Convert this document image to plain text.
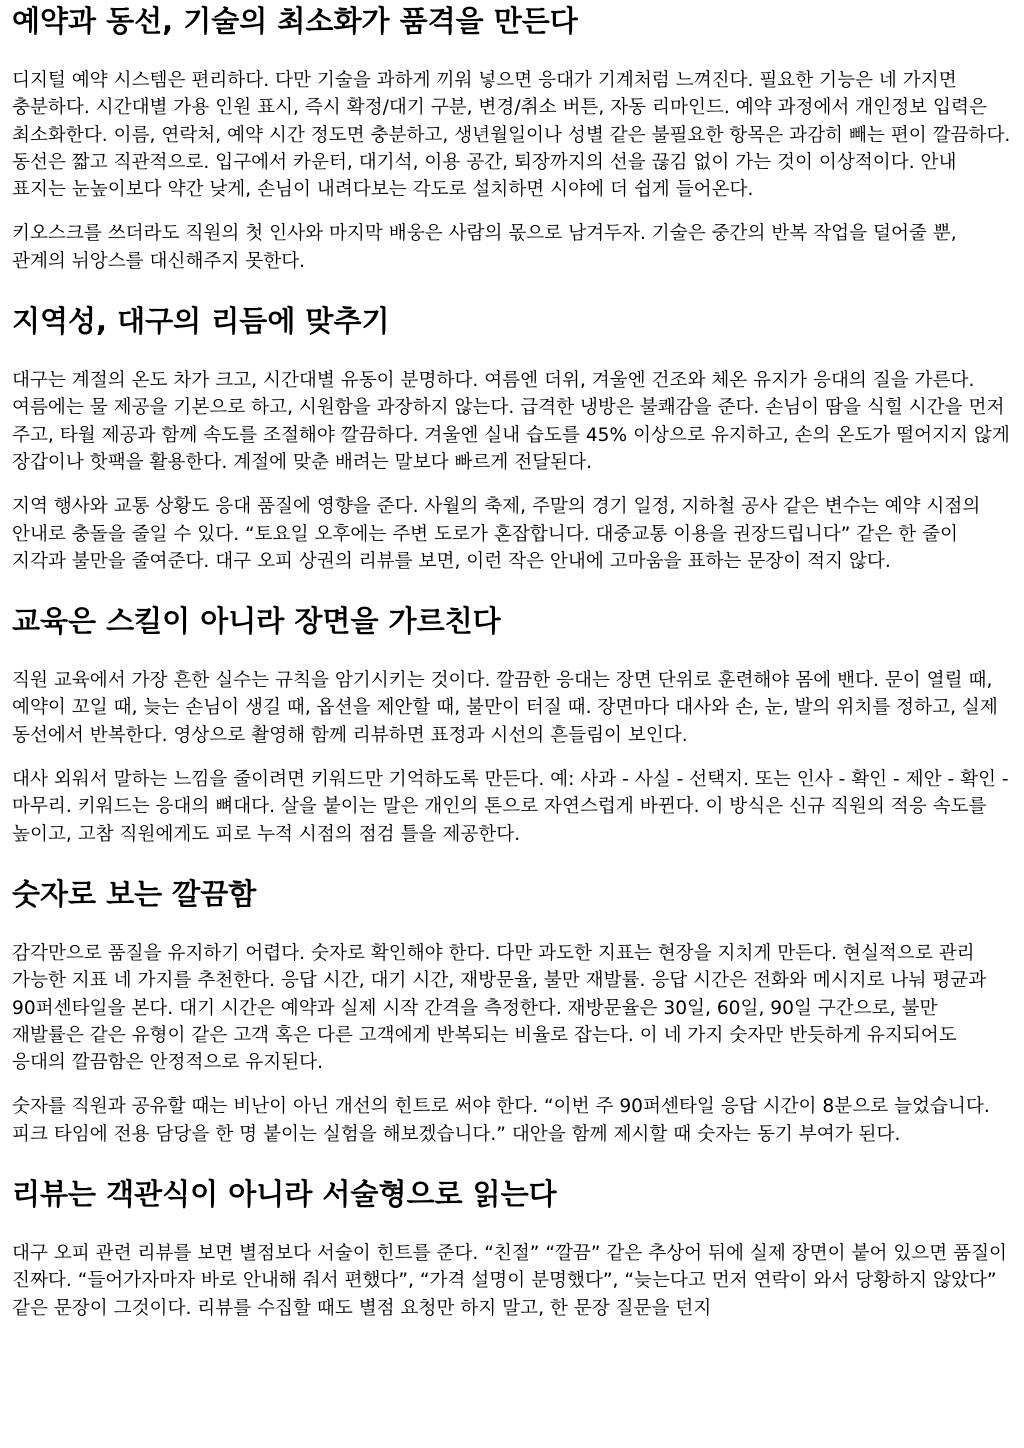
예약과 동선, 기술의 최소화가 품격을 만든다

디지털 예약 시스템은 편리하다. 다만 기술을 과하게 끼워 넣으면 응대가 기계처럼 느껴진다. 필요한 기능은 네 가지면 충분하다. 시간대별 가용 인원 표시, 즉시 확정/대기 구분, 변경/취소 버튼, 자동 리마인드. 예약 과정에서 개인정보 입력은 최소화한다. 이름, 연락처, 예약 시간 정도면 충분하고, 생년월일이나 성별 같은 불필요한 항목은 과감히 빼는 편이 깔끔하다. 동선은 짧고 직관적으로. 입구에서 카운터, 대기석, 이용 공간, 퇴장까지의 선을 끊김 없이 가는 것이 이상적이다. 안내 표지는 눈높이보다 약간 낮게, 손님이 내려다보는 각도로 설치하면 시야에 더 쉽게 들어온다.

키오스크를 쓰더라도 직원의 첫 인사와 마지막 배웅은 사람의 몫으로 남겨두자. 기술은 중간의 반복 작업을 덜어줄 뿐, 관계의 뉘앙스를 대신해주지 못한다.

지역성, 대구의 리듬에 맞추기

대구는 계절의 온도 차가 크고, 시간대별 유동이 분명하다. 여름엔 더위, 겨울엔 건조와 체온 유지가 응대의 질을 가른다. 여름에는 물 제공을 기본으로 하고, 시원함을 과장하지 않는다. 급격한 냉방은 불쾌감을 준다. 손님이 땀을 식힐 시간을 먼저 주고, 타월 제공과 함께 속도를 조절해야 깔끔하다. 겨울엔 실내 습도를 45% 이상으로 유지하고, 손의 온도가 떨어지지 않게 장갑이나 핫팩을 활용한다. 계절에 맞춘 배려는 말보다 빠르게 전달된다.

지역 행사와 교통 상황도 응대 품질에 영향을 준다. 사월의 축제, 주말의 경기 일정, 지하철 공사 같은 변수는 예약 시점의 안내로 충돌을 줄일 수 있다. “토요일 오후에는 주변 도로가 혼잡합니다. 대중교통 이용을 권장드립니다” 같은 한 줄이 지각과 불만을 줄여준다. 대구 오피 상권의 리뷰를 보면, 이런 작은 안내에 고마움을 표하는 문장이 적지 않다.

교육은 스킬이 아니라 장면을 가르친다

직원 교육에서 가장 흔한 실수는 규칙을 암기시키는 것이다. 깔끔한 응대는 장면 단위로 훈련해야 몸에 밴다. 문이 열릴 때, 예약이 꼬일 때, 늦는 손님이 생길 때, 옵션을 제안할 때, 불만이 터질 때. 장면마다 대사와 손, 눈, 발의 위치를 정하고, 실제 동선에서 반복한다. 영상으로 촬영해 함께 리뷰하면 표정과 시선의 흔들림이 보인다.

대사 외워서 말하는 느낌을 줄이려면 키워드만 기억하도록 만든다. 예: 사과 - 사실 - 선택지. 또는 인사 - 확인 - 제안 - 확인 - 마무리. 키워드는 응대의 뼈대다. 살을 붙이는 말은 개인의 톤으로 자연스럽게 바뀐다. 이 방식은 신규 직원의 적응 속도를 높이고, 고참 직원에게도 피로 누적 시점의 점검 틀을 제공한다.

숫자로 보는 깔끔함

감각만으로 품질을 유지하기 어렵다. 숫자로 확인해야 한다. 다만 과도한 지표는 현장을 지치게 만든다. 현실적으로 관리 가능한 지표 네 가지를 추천한다. 응답 시간, 대기 시간, 재방문율, 불만 재발률. 응답 시간은 전화와 메시지로 나눠 평균과 90퍼센타일을 본다. 대기 시간은 예약과 실제 시작 간격을 측정한다. 재방문율은 30일, 60일, 90일 구간으로, 불만 재발률은 같은 유형이 같은 고객 혹은 다른 고객에게 반복되는 비율로 잡는다. 이 네 가지 숫자만 반듯하게 유지되어도 응대의 깔끔함은 안정적으로 유지된다.

숫자를 직원과 공유할 때는 비난이 아닌 개선의 힌트로 써야 한다. “이번 주 90퍼센타일 응답 시간이 8분으로 늘었습니다. 피크 타임에 전용 담당을 한 명 붙이는 실험을 해보겠습니다.” 대안을 함께 제시할 때 숫자는 동기 부여가 된다.

리뷰는 객관식이 아니라 서술형으로 읽는다

대구 오피 관련 리뷰를 보면 별점보다 서술이 힌트를 준다. “친절” “깔끔” 같은 추상어 뒤에 실제 장면이 붙어 있으면 품질이 진짜다. “들어가자마자 바로 안내해 줘서 편했다”, “가격 설명이 분명했다”, “늦는다고 먼저 연락이 와서 당황하지 않았다” 같은 문장이 그것이다. 리뷰를 수집할 때도 별점 요청만 하지 말고, 한 문장 질문을 던지
